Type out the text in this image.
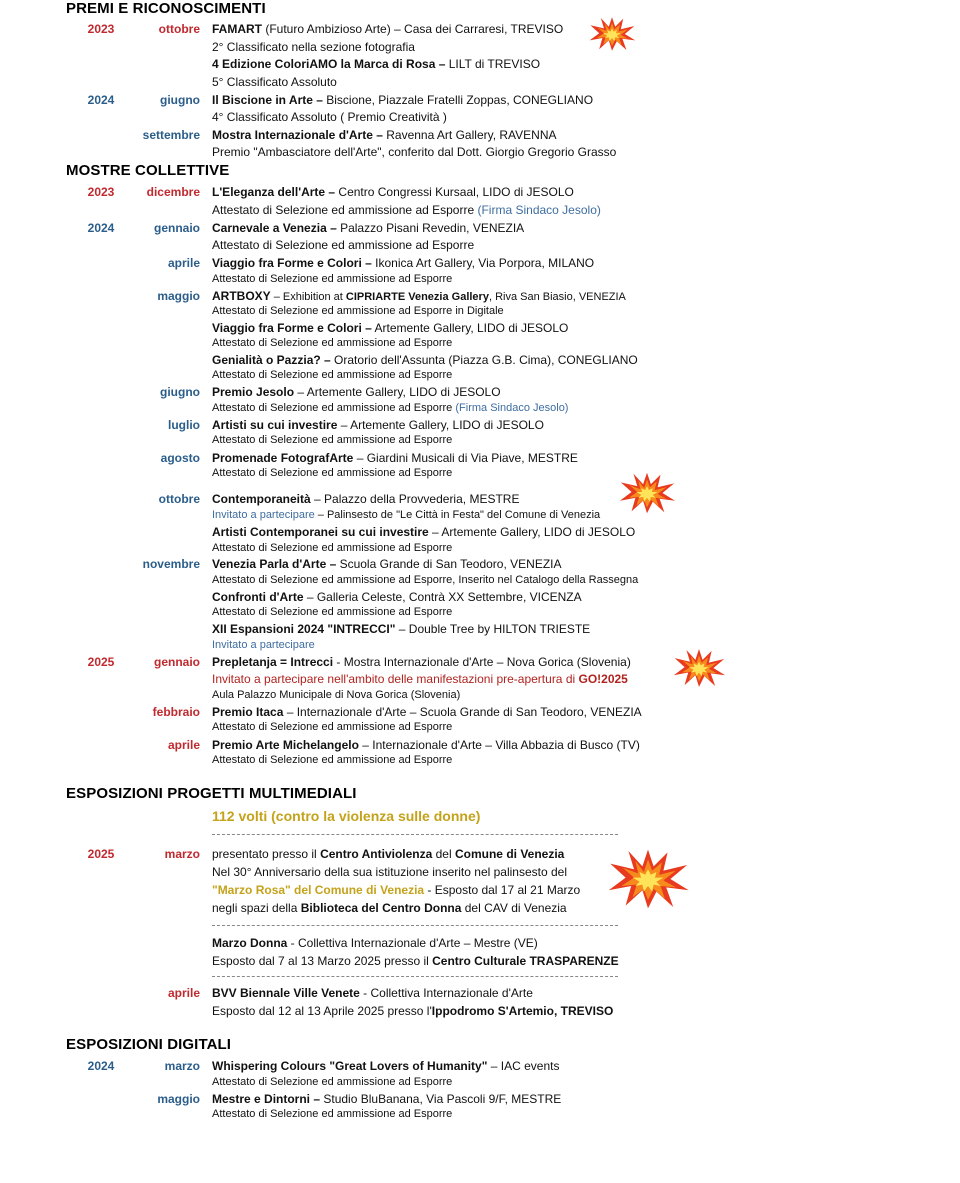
PREMI E RICONOSCIMENTI
2023	ottobre FAMART (Futuro Ambizioso Arte) – Casa dei Carraresi, TREVISO
2° Classificato nella sezione fotografia
4 Edizione ColoriAMO la Marca di Rosa – LILT di TREVISO
5° Classificato Assoluto
2024	giugno Il Biscione in Arte – Biscione, Piazzale Fratelli Zoppas, CONEGLIANO
4° Classificato Assoluto ( Premio Creatività )
settembre Mostra Internazionale d'Arte – Ravenna Art Gallery, RAVENNA
Premio "Ambasciatore dell'Arte", conferito dal Dott. Giorgio Gregorio Grasso
MOSTRE COLLETTIVE
2023	dicembre L'Eleganza dell'Arte – Centro Congressi Kursaal, LIDO di JESOLO
Attestato di Selezione ed ammissione ad Esporre (Firma Sindaco Jesolo)
2024	gennaio Carnevale a Venezia – Palazzo Pisani Revedin, VENEZIA
Attestato di Selezione ed ammissione ad Esporre
aprile Viaggio fra Forme e Colori – Ikonica Art Gallery, Via Porpora, MILANO
Attestato di Selezione ed ammissione ad Esporre
maggio ARTBOXY – Exhibition at CIPRIARTE Venezia Gallery, Riva San Biasio, VENEZIA
Attestato di Selezione ed ammissione ad Esporre in Digitale
Viaggio fra Forme e Colori – Artemente Gallery, LIDO di JESOLO
Attestato di Selezione ed ammissione ad Esporre
Genialità o Pazzia? – Oratorio dell'Assunta (Piazza G.B. Cima), CONEGLIANO
Attestato di Selezione ed ammissione ad Esporre
giugno Premio Jesolo – Artemente Gallery, LIDO di JESOLO
Attestato di Selezione ed ammissione ad Esporre (Firma Sindaco Jesolo)
luglio Artisti su cui investire – Artemente Gallery, LIDO di JESOLO
Attestato di Selezione ed ammissione ad Esporre
agosto Promenade FotografArte – Giardini Musicali di Via Piave, MESTRE
Attestato di Selezione ed ammissione ad Esporre
ottobre Contemporaneità – Palazzo della Provvederia, MESTRE
Invitato a partecipare – Palinsesto de "Le Città in Festa" del Comune di Venezia
Artisti Contemporanei su cui investire – Artemente Gallery, LIDO di JESOLO
Attestato di Selezione ed ammissione ad Esporre
novembre Venezia Parla d'Arte – Scuola Grande di San Teodoro, VENEZIA
Attestato di Selezione ed ammissione ad Esporre, Inserito nel Catalogo della Rassegna
Confronti d'Arte – Galleria Celeste, Contrà XX Settembre, VICENZA
Attestato di Selezione ed ammissione ad Esporre
XII Espansioni 2024 "INTRECCI" – Double Tree by HILTON TRIESTE
Invitato a partecipare
2025	gennaio Prepletanja = Intrecci - Mostra Internazionale d'Arte – Nova Gorica (Slovenia)
Invitato a partecipare nell'ambito delle manifestazioni pre-apertura di GO!2025
Aula Palazzo Municipale di Nova Gorica (Slovenia)
febbraio Premio Itaca – Internazionale d'Arte – Scuola Grande di San Teodoro, VENEZIA
Attestato di Selezione ed ammissione ad Esporre
aprile Premio Arte Michelangelo – Internazionale d'Arte – Villa Abbazia di Busco (TV)
Attestato di Selezione ed ammissione ad Esporre
ESPOSIZIONI PROGETTI MULTIMEDIALI
112 volti (contro la violenza sulle donne)
2025	marzo presentato presso il Centro Antiviolenza del Comune di Venezia
Nel 30° Anniversario della sua istituzione inserito nel palinsesto del
"Marzo Rosa" del Comune di Venezia - Esposto dal 17 al 21 Marzo
negli spazi della Biblioteca del Centro Donna del CAV di Venezia
Marzo Donna - Collettiva Internazionale d'Arte – Mestre (VE)
Esposto dal 7 al 13 Marzo 2025 presso il Centro Culturale TRASPARENZE
aprile BVV Biennale Ville Venete - Collettiva Internazionale d'Arte
Esposto dal 12 al 13 Aprile 2025 presso l'Ippodromo S'Artemio, TREVISO
ESPOSIZIONI DIGITALI
2024	marzo Whispering Colours "Great Lovers of Humanity" – IAC events
Attestato di Selezione ed ammissione ad Esporre
maggio Mestre e Dintorni – Studio BluBanana, Via Pascoli 9/F, MESTRE
Attestato di Selezione ed ammissione ad Esporre
